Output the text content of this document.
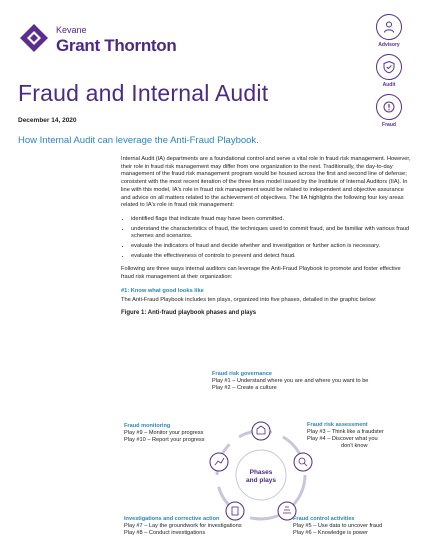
Kevane
Grant Thornton	Advisory
Audit
Fraud
Fraud and Internal Audit
December 14, 2020
How Internal Audit can leverage the Anti-Fraud Playbook.

Internal Audit (IA) departments are a foundational control and serve a vital role in fraud risk management. However, their role in fraud risk management may differ from one organization to the next. Traditionally, the day-to-day management of the fraud risk management program would be housed across the first and second line of defense; consistent with the most recent iteration of the three lines model issued by the Institute of Internal Auditors (IIA). In line with this model, IA's role in fraud risk management would be related to independent and objective assurance and advice on all matters related to the achievement of objectives. The IIA highlights the following four key areas related to IA's role in fraud risk management:

• identified flags that indicate fraud may have been committed.
• understand the characteristics of fraud, the techniques used to commit fraud, and be familiar with various fraud schemes and scenarios.
• evaluate the indicators of fraud and decide whether and investigation or further action is necessary.
• evaluate the effectiveness of controls to prevent and detect fraud.

Following are three ways internal auditors can leverage the Anti-Fraud Playbook to promote and foster effective fraud risk management at their organization:

#1: Know what good looks like

The Anti-Fraud Playbook includes ten plays, organized into five phases, detailed in the graphic below:

Figure 1: Anti-fraud playbook phases and plays
Phases
and plays
Fraud risk governance
Play #1 – Understand where you are and where you want to be
Play #2 – Create a culture
Fraud risk assessment
Play #3 – Think like a fraudster
Play #4 – Discover what you
don't know
Fraud monitoring
Play #9 – Monitor your progress
Play #10 – Report your progress
Investigations and corrective action
Play #7 – Lay the groundwork for investigations
Play #8 – Conduct investigations
Fraud control activities
Play #5 – Use data to uncover fraud
Play #6 – Knowledge is power
